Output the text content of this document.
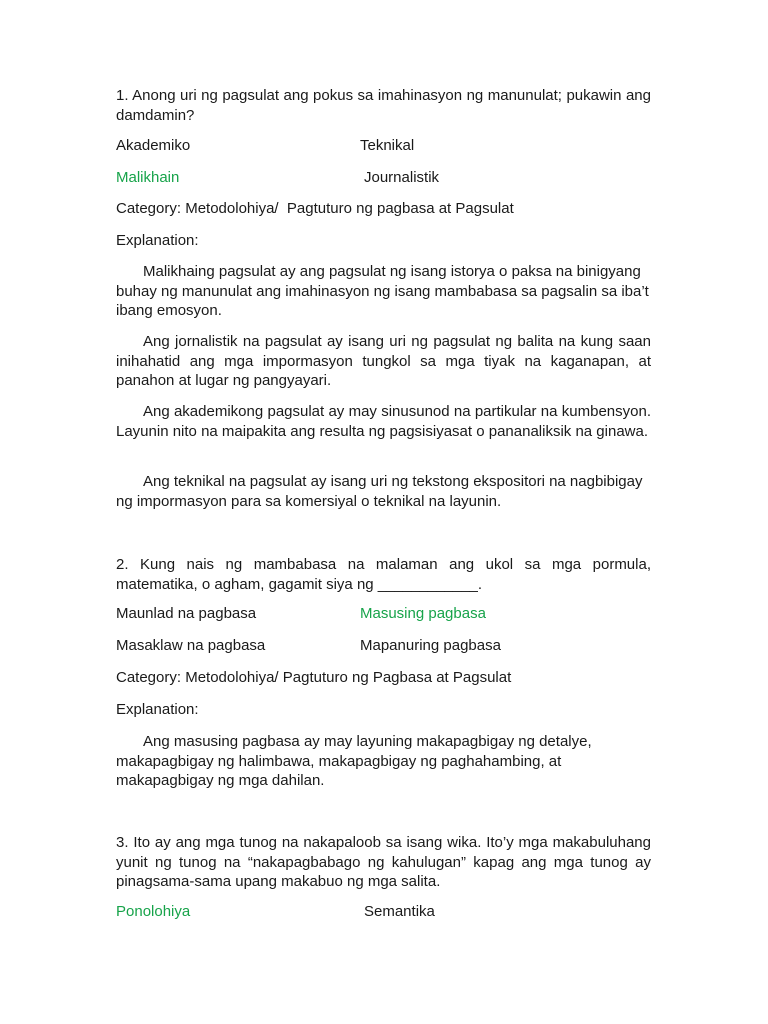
1. Anong uri ng pagsulat ang pokus sa imahinasyon ng manunulat; pukawin ang damdamin?
Akademiko	Teknikal
Malikhain	Journalistik
Category: Metodolohiya/  Pagtuturo ng pagbasa at Pagsulat
Explanation:
Malikhaing pagsulat ay ang pagsulat ng isang istorya o paksa na binigyang buhay ng manunulat ang imahinasyon ng isang mambabasa sa pagsalin sa iba’t ibang emosyon.
Ang jornalistik na pagsulat ay isang uri ng pagsulat ng balita na kung saan inihahatid ang mga impormasyon tungkol sa mga tiyak na kaganapan, at panahon at lugar ng pangyayari.
Ang akademikong pagsulat ay may sinusunod na partikular na kumbensyon. Layunin nito na maipakita ang resulta ng pagsisiyasat o pananaliksik na ginawa.
Ang teknikal na pagsulat ay isang uri ng tekstong ekspositori na nagbibigay ng impormasyon para sa komersiyal o teknikal na layunin.
2. Kung nais ng mambabasa na malaman ang ukol sa mga pormula, matematika, o agham, gagamit siya ng ____________.
Maunlad na pagbasa	Masusing pagbasa
Masaklaw na pagbasa	Mapanuring pagbasa
Category: Metodolohiya/ Pagtuturo ng Pagbasa at Pagsulat
Explanation:
Ang masusing pagbasa ay may layuning makapagbigay ng detalye, makapagbigay ng halimbawa, makapagbigay ng paghahambing, at makapagbigay ng mga dahilan.
3. Ito ay ang mga tunog na nakapaloob sa isang wika. Ito’y mga makabuluhang yunit ng tunog na “nakapagbabago ng kahulugan” kapag ang mga tunog ay pinagsama-sama upang makabuo ng mga salita.
Ponolohiya	Semantika
